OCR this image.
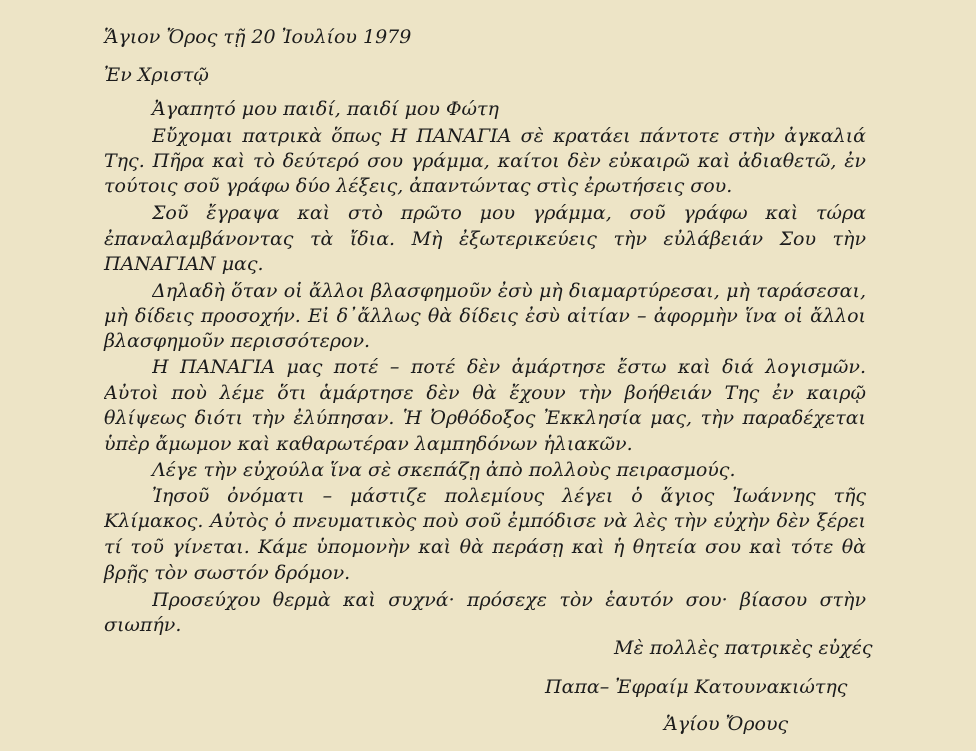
Ἅγιον Ὄρος τῇ 20 Ἰουλίου 1979
Ἐν Χριστῷ
Ἀγαπητό μου παιδί, παιδί μου Φώτη
Εὔχομαι πατρικὰ ὅπως Η ΠΑΝΑΓΙΑ σὲ κρατάει πάντοτε στὴν ἀγκαλιά
Της. Πῆρα καὶ τὸ δεύτερό σου γράμμα, καίτοι δὲν εὐκαιρῶ καὶ ἀδιαθετῶ, ἐν
τούτοις σοῦ γράφω δύο λέξεις, ἀπαντώντας στὶς ἐρωτήσεις σου.
Σοῦ ἔγραψα καὶ στὸ πρῶτο μου γράμμα, σοῦ γράφω καὶ τώρα
ἐπαναλαμβάνοντας τὰ ἴδια. Μὴ ἐξωτερικεύεις τὴν εὐλάβειάν Σου τὴν
ΠΑΝΑΓΙΑΝ μας.
Δηλαδὴ ὅταν οἱ ἄλλοι βλασφημοῦν ἐσὺ μὴ διαμαρτύρεσαι, μὴ ταράσεσαι,
μὴ δίδεις προσοχήν. Εἰ δ᾽ἄλλως θὰ δίδεις ἐσὺ αἰτίαν – ἀφορμὴν ἵνα οἱ ἄλλοι
βλασφημοῦν περισσότερον.
Η ΠΑΝΑΓΙΑ μας ποτέ – ποτέ δὲν ἁμάρτησε ἔστω καὶ διά λογισμῶν.
Αὐτοὶ ποὺ λέμε ὅτι ἁμάρτησε δὲν θὰ ἔχουν τὴν βοήθειάν Της ἐν καιρῷ
θλίψεως διότι τὴν ἐλύπησαν. Ἡ Ὀρθόδοξος Ἐκκλησία μας, τὴν παραδέχεται
ὑπὲρ ἄμωμον καὶ καθαρωτέραν λαμπηδόνων ἡλιακῶν.
Λέγε τὴν εὐχούλα ἵνα σὲ σκεπάζῃ ἀπὸ πολλοὺς πειρασμούς.
Ἰησοῦ ὀνόματι – μάστιζε πολεμίους λέγει ὁ ἅγιος Ἰωάννης τῆς
Κλίμακος. Αὐτὸς ὁ πνευματικὸς ποὺ σοῦ ἐμπόδισε νὰ λὲς τὴν εὐχὴν δὲν ξέρει
τί τοῦ γίνεται. Κάμε ὑπομονὴν καὶ θὰ περάσῃ καὶ ἡ θητεία σου καὶ τότε θὰ
βρῇς τὸν σωστόν δρόμον.
Προσεύχου θερμὰ καὶ συχνά· πρόσεχε τὸν ἑαυτόν σου· βίασου στὴν
σιωπήν.
Μὲ πολλὲς πατρικὲς εὐχές
Παπα– Ἐφραίμ Κατουνακιώτης
Ἁγίου Ὄρους
